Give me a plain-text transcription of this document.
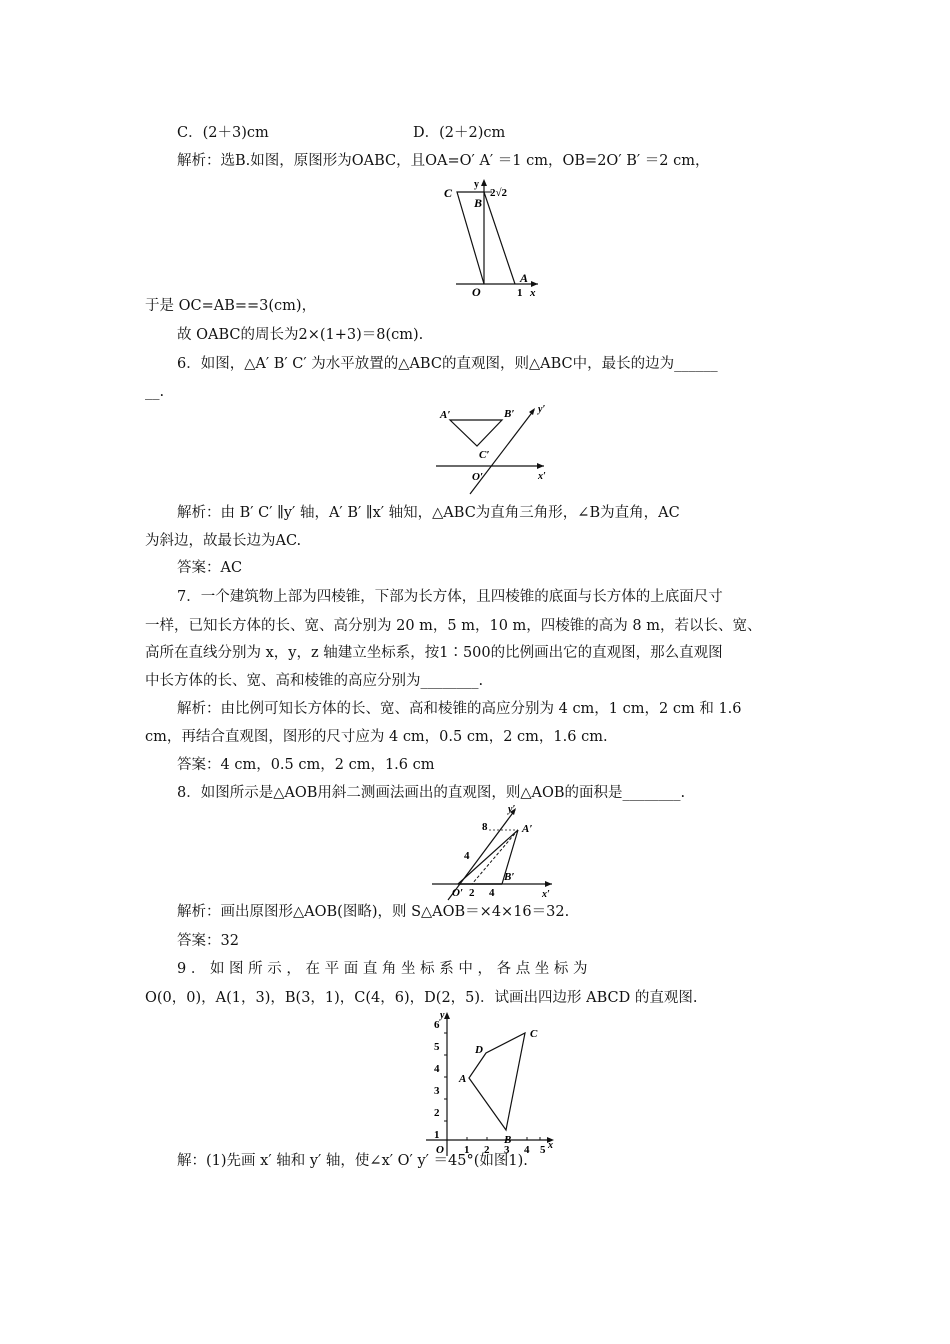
C．(2＋3)cm	D．(2＋2)cm
解析：选B.如图，原图形为OABC，且OA=O′ A′ ＝1 cm，OB=2O′ B′ ＝2 cm，
C
y
B
2√2
O
A
1 x
于是 OC=AB==3(cm)，
故 OABC的周长为2×(1+3)＝8(cm).
6．如图，△A′ B′ C′ 为水平放置的△ABC的直观图，则△ABC中，最长的边为______
__.
A′	B′
C′
O′	x′
y′
解析：由 B′ C′ ∥y′ 轴，A′ B′ ∥x′ 轴知，△ABC为直角三角形，∠B为直角，AC
为斜边，故最长边为AC.
答案：AC
7．一个建筑物上部为四棱锥，下部为长方体，且四棱锥的底面与长方体的上底面尺寸
一样，已知长方体的长、宽、高分别为 20 m，5 m，10 m，四棱锥的高为 8 m，若以长、宽、
高所在直线分别为 x，y，z 轴建立坐标系，按1∶500的比例画出它的直观图，那么直观图
中长方体的长、宽、高和棱锥的高应分别为________.
解析：由比例可知长方体的长、宽、高和棱锥的高应分别为 4 cm，1 cm，2 cm 和 1.6
cm，再结合直观图，图形的尺寸应为 4 cm，0.5 cm，2 cm，1.6 cm.
答案：4 cm，0.5 cm，2 cm，1.6 cm
8．如图所示是△AOB用斜二测画法画出的直观图，则△AOB的面积是________.
y′
A′
B′
O′	x′
8
4
2 4
解析：画出原图形△AOB(图略)，则 S△AOB＝×4×16＝32.
答案：32
9 ． 如 图 所 示 ， 在 平 面 直 角 坐 标 系 中 ， 各 点 坐 标 为
O(0，0)，A(1，3)，B(3，1)，C(4，6)，D(2，5)．试画出四边形 ABCD 的直观图.
y
x
O
1
2
3
4
5
6
1 2 3 4 5
A
B
C
D
解：(1)先画 x′ 轴和 y′ 轴，使∠x′ O′ y′ ＝45°(如图1).
